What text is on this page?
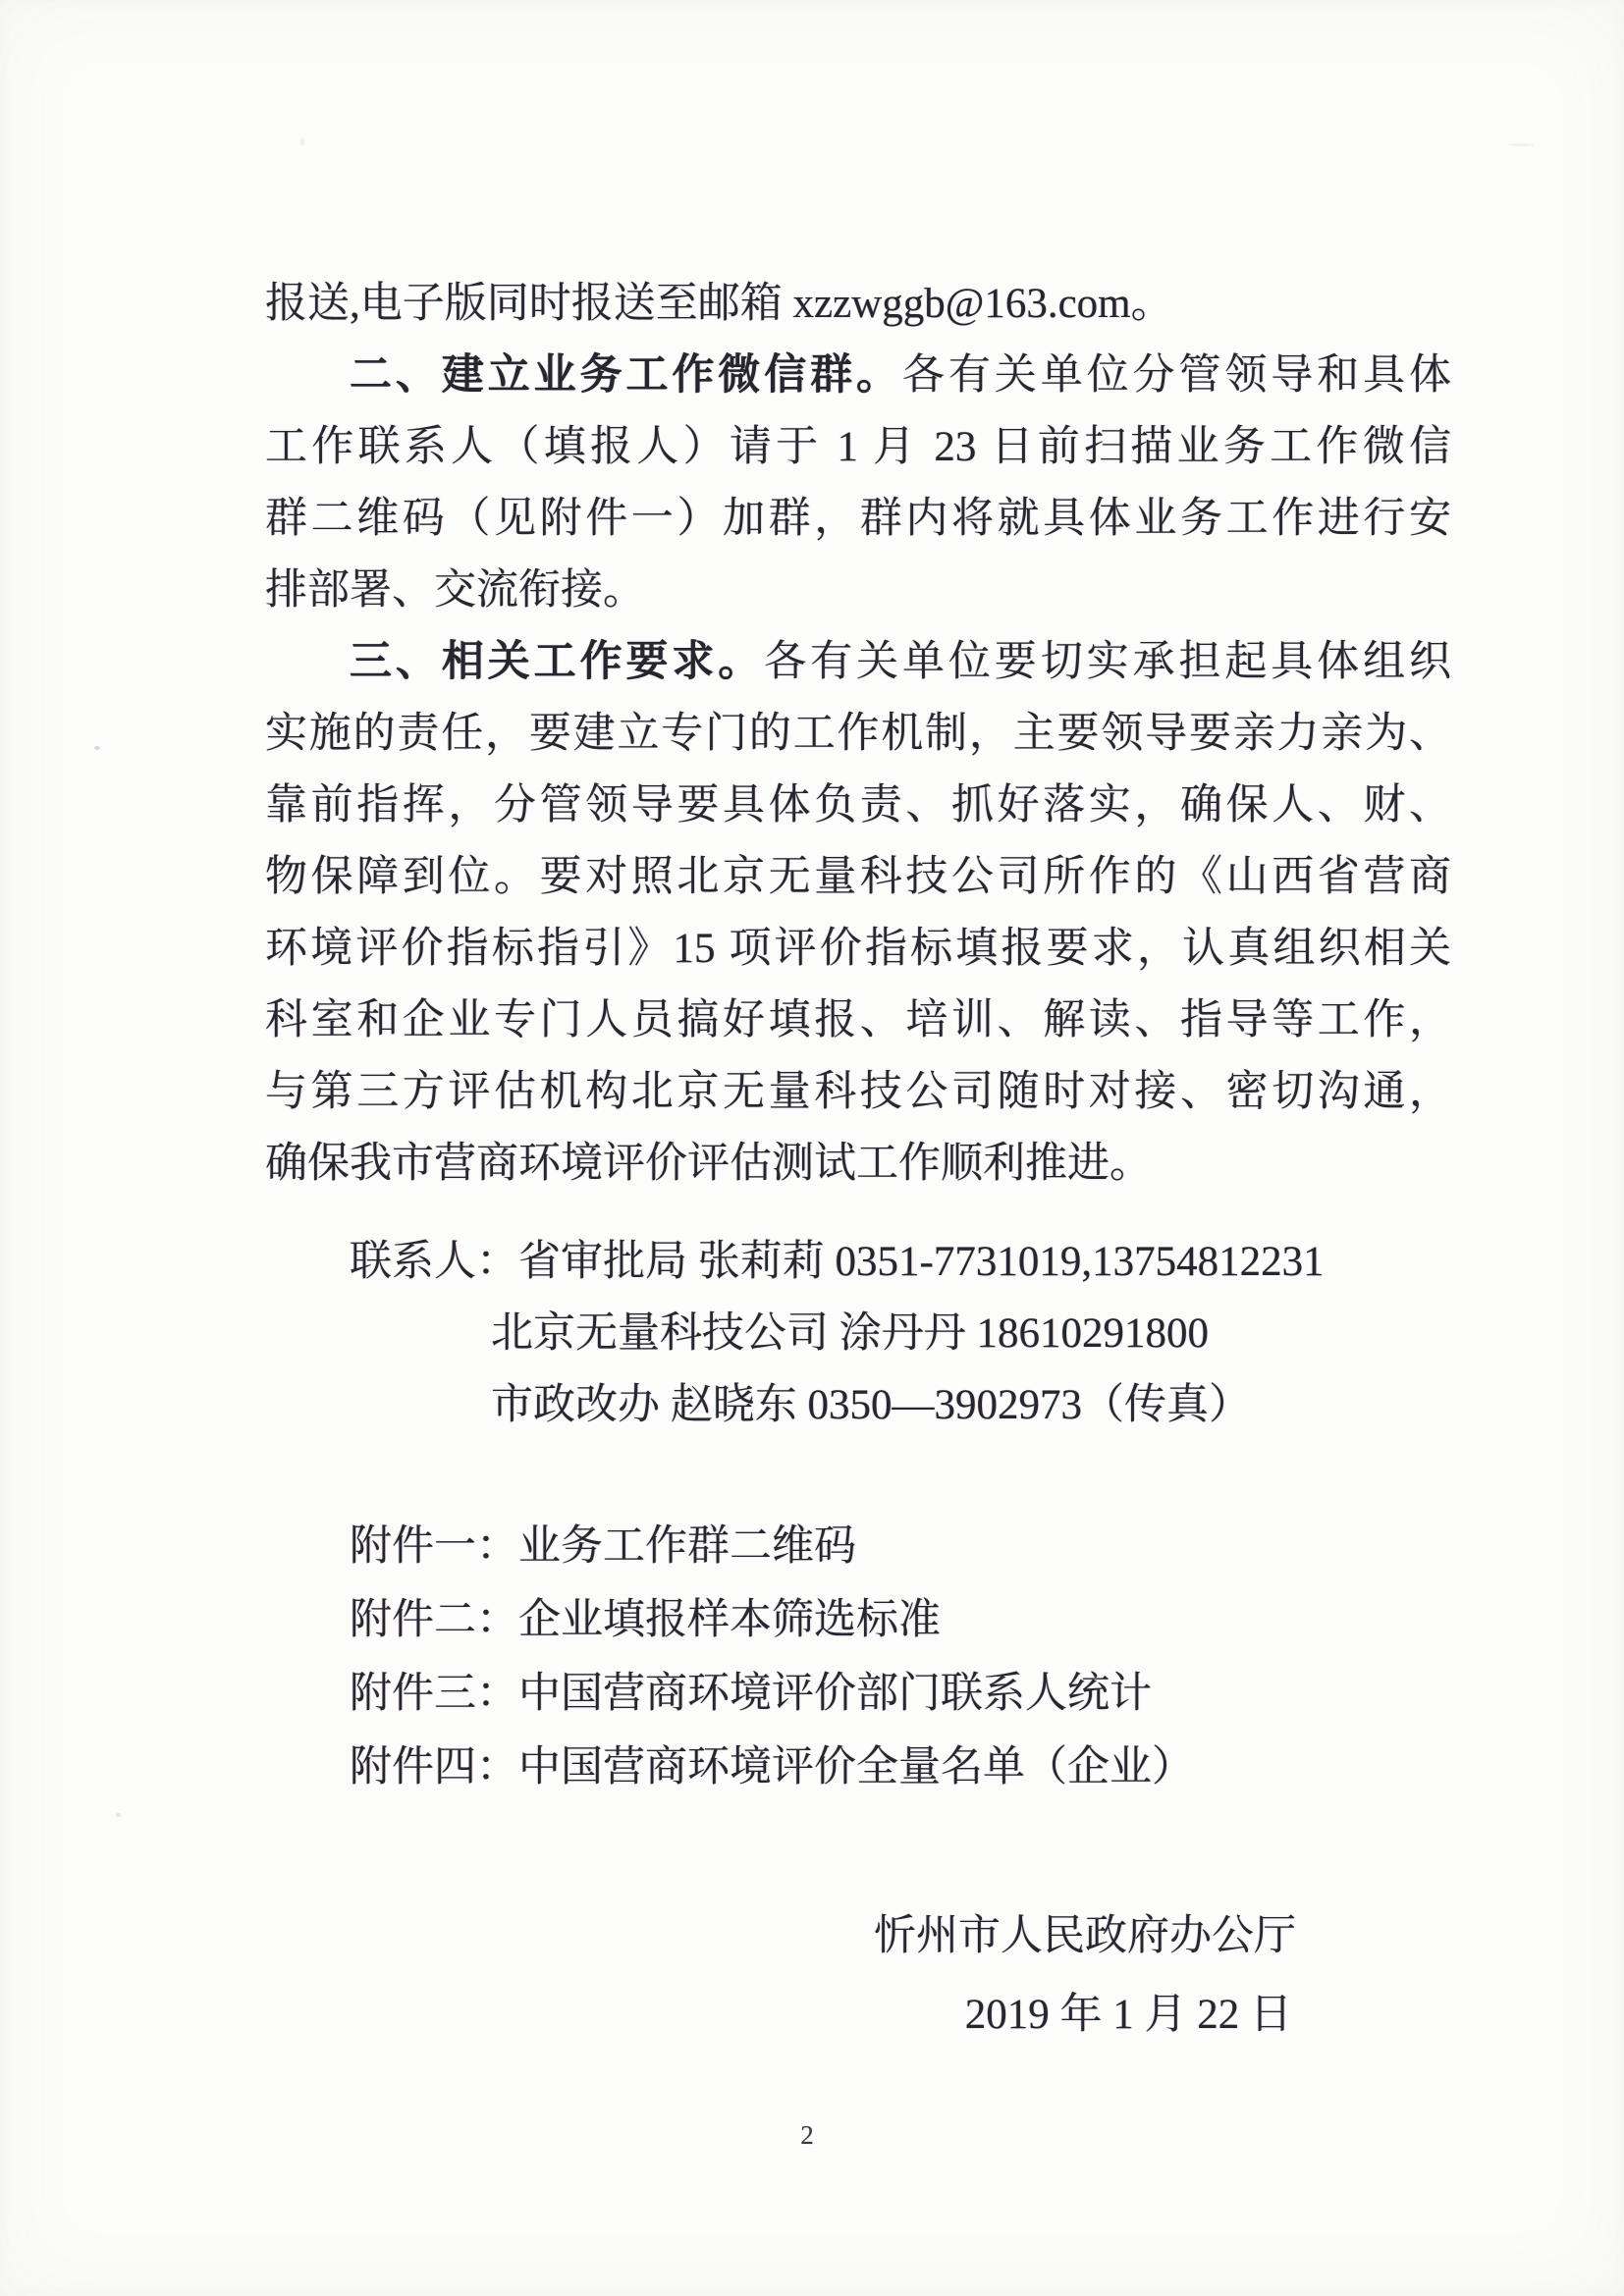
报送,电子版同时报送至邮箱 xzzwggb@163.com。
二、建立业务工作微信群。各有关单位分管领导和具体
工作联系人（填报人）请于 1 月 23 日前扫描业务工作微信
群二维码（见附件一）加群，群内将就具体业务工作进行安
排部署、交流衔接。
三、相关工作要求。各有关单位要切实承担起具体组织
实施的责任，要建立专门的工作机制，主要领导要亲力亲为、
靠前指挥，分管领导要具体负责、抓好落实，确保人、财、
物保障到位。要对照北京无量科技公司所作的《山西省营商
环境评价指标指引》15 项评价指标填报要求，认真组织相关
科室和企业专门人员搞好填报、培训、解读、指导等工作，
与第三方评估机构北京无量科技公司随时对接、密切沟通，
确保我市营商环境评价评估测试工作顺利推进。
联系人：省审批局 张莉莉 0351-7731019,13754812231
北京无量科技公司 涂丹丹 18610291800
市政改办 赵晓东 0350—3902973（传真）
附件一：业务工作群二维码
附件二：企业填报样本筛选标准
附件三：中国营商环境评价部门联系人统计
附件四：中国营商环境评价全量名单（企业）
忻州市人民政府办公厅
2019 年 1 月 22 日
2
